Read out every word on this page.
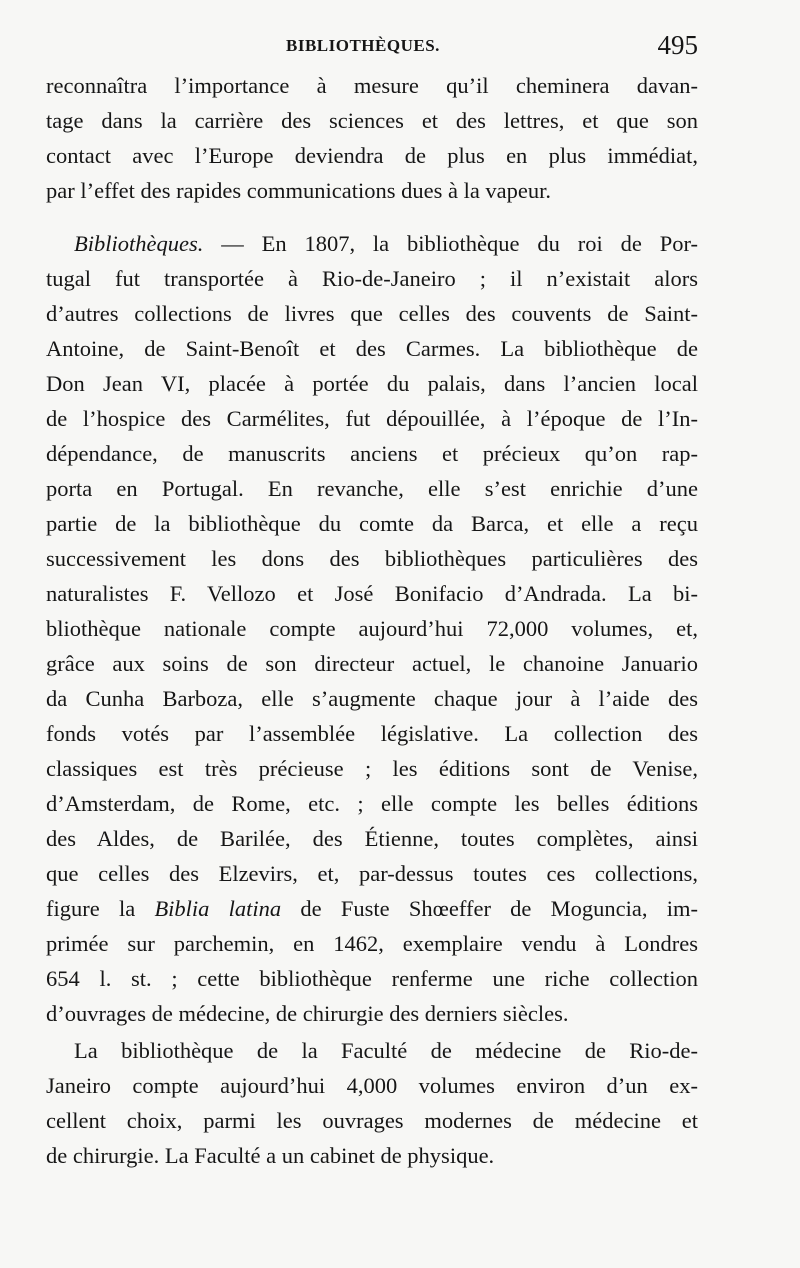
BIBLIOTHÈQUES.	495
reconnaîtra l’importance à mesure qu’il cheminera davan-
tage dans la carrière des sciences et des lettres, et que son
contact avec l’Europe deviendra de plus en plus immédiat,
par l’effet des rapides communications dues à la vapeur.
Bibliothèques. — En 1807, la bibliothèque du roi de Por-
tugal fut transportée à Rio-de-Janeiro ; il n’existait alors
d’autres collections de livres que celles des couvents de Saint-
Antoine, de Saint-Benoît et des Carmes. La bibliothèque de
Don Jean VI, placée à portée du palais, dans l’ancien local
de l’hospice des Carmélites, fut dépouillée, à l’époque de l’In-
dépendance, de manuscrits anciens et précieux qu’on rap-
porta en Portugal. En revanche, elle s’est enrichie d’une
partie de la bibliothèque du comte da Barca, et elle a reçu
successivement les dons des bibliothèques particulières des
naturalistes F. Vellozo et José Bonifacio d’Andrada. La bi-
bliothèque nationale compte aujourd’hui 72,000 volumes, et,
grâce aux soins de son directeur actuel, le chanoine Januario
da Cunha Barboza, elle s’augmente chaque jour à l’aide des
fonds votés par l’assemblée législative. La collection des
classiques est très précieuse ; les éditions sont de Venise,
d’Amsterdam, de Rome, etc. ; elle compte les belles éditions
des Aldes, de Barilée, des Étienne, toutes complètes, ainsi
que celles des Elzevirs, et, par-dessus toutes ces collections,
figure la Biblia latina de Fuste Shœeffer de Moguncia, im-
primée sur parchemin, en 1462, exemplaire vendu à Londres
654 l. st. ; cette bibliothèque renferme une riche collection
d’ouvrages de médecine, de chirurgie des derniers siècles.
La bibliothèque de la Faculté de médecine de Rio-de-
Janeiro compte aujourd’hui 4,000 volumes environ d’un ex-
cellent choix, parmi les ouvrages modernes de médecine et
de chirurgie. La Faculté a un cabinet de physique.
